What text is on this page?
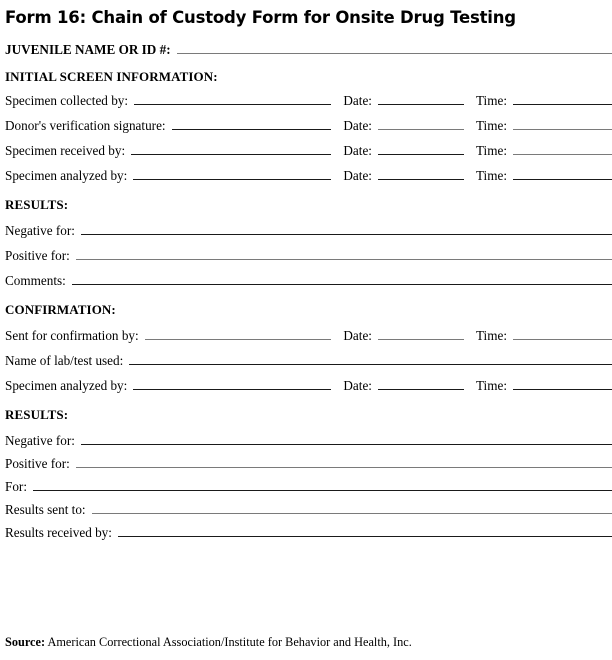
Form 16: Chain of Custody Form for Onsite Drug Testing
JUVENILE NAME OR ID #:
INITIAL SCREEN INFORMATION:
Specimen collected by:	Date:	Time:
Donor's verification signature:	Date:	Time:
Specimen received by:	Date:	Time:
Specimen analyzed by:	Date:	Time:
RESULTS:
Negative for:
Positive for:
Comments:
CONFIRMATION:
Sent for confirmation by:	Date:	Time:
Name of lab/test used:
Specimen analyzed by:	Date:	Time:
RESULTS:
Negative for:
Positive for:
For:
Results sent to:
Results received by:
Source: American Correctional Association/Institute for Behavior and Health, Inc.
